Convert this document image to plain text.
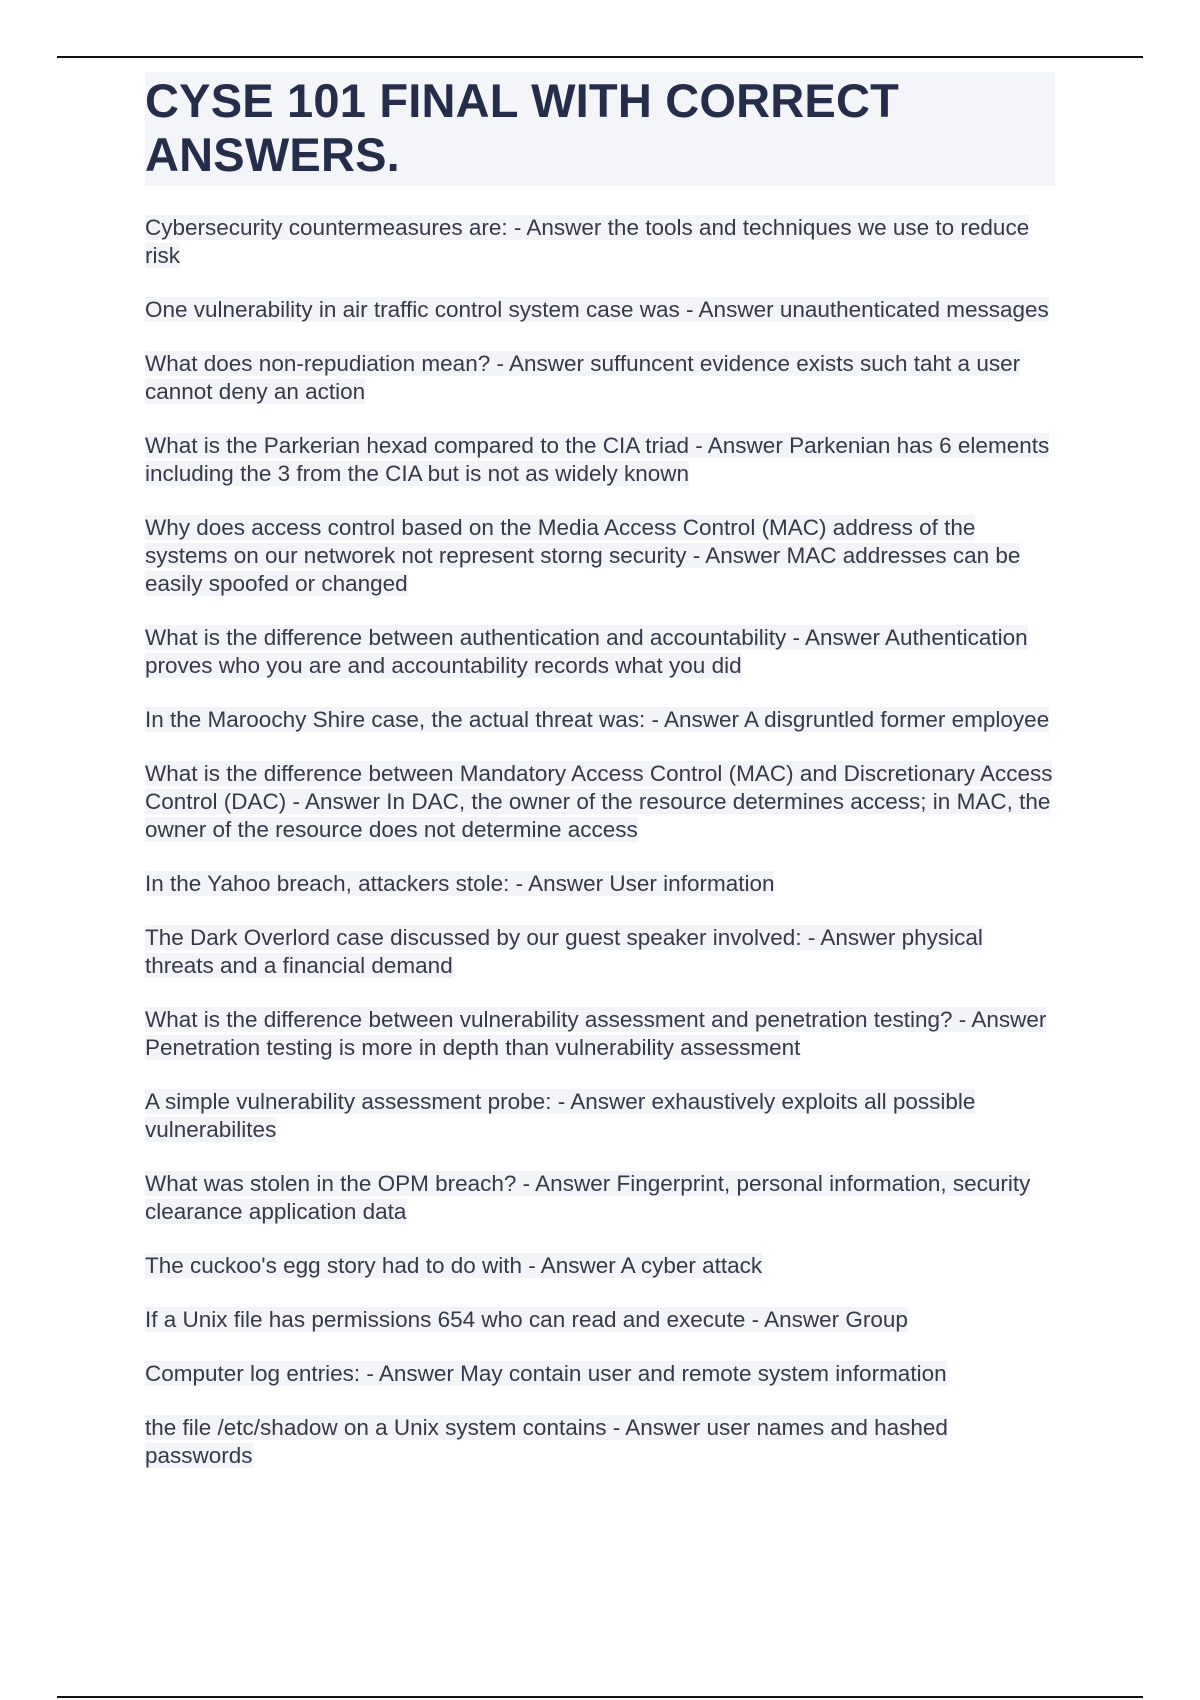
CYSE 101 FINAL WITH CORRECT ANSWERS.
Cybersecurity countermeasures are: - Answer the tools and techniques we use to reduce risk
One vulnerability in air traffic control system case was - Answer unauthenticated messages
What does non-repudiation mean? - Answer suffuncent evidence exists such taht a user cannot deny an action
What is the Parkerian hexad compared to the CIA triad - Answer Parkenian has 6 elements including the 3 from the CIA but is not as widely known
Why does access control based on the Media Access Control (MAC) address of the systems on our networek not represent storng security - Answer MAC addresses can be easily spoofed or changed
What is the difference between authentication and accountability - Answer Authentication proves who you are and accountability records what you did
In the Maroochy Shire case, the actual threat was: - Answer A disgruntled former employee
What is the difference between Mandatory Access Control (MAC) and Discretionary Access Control (DAC) - Answer In DAC, the owner of the resource determines access; in MAC, the owner of the resource does not determine access
In the Yahoo breach, attackers stole: - Answer User information
The Dark Overlord case discussed by our guest speaker involved: - Answer physical threats and a financial demand
What is the difference between vulnerability assessment and penetration testing? - Answer Penetration testing is more in depth than vulnerability assessment
A simple vulnerability assessment probe: - Answer exhaustively exploits all possible vulnerabilites
What was stolen in the OPM breach? - Answer Fingerprint, personal information, security clearance application data
The cuckoo's egg story had to do with - Answer A cyber attack
If a Unix file has permissions 654 who can read and execute - Answer Group
Computer log entries: - Answer May contain user and remote system information
the file /etc/shadow on a Unix system contains - Answer user names and hashed passwords
